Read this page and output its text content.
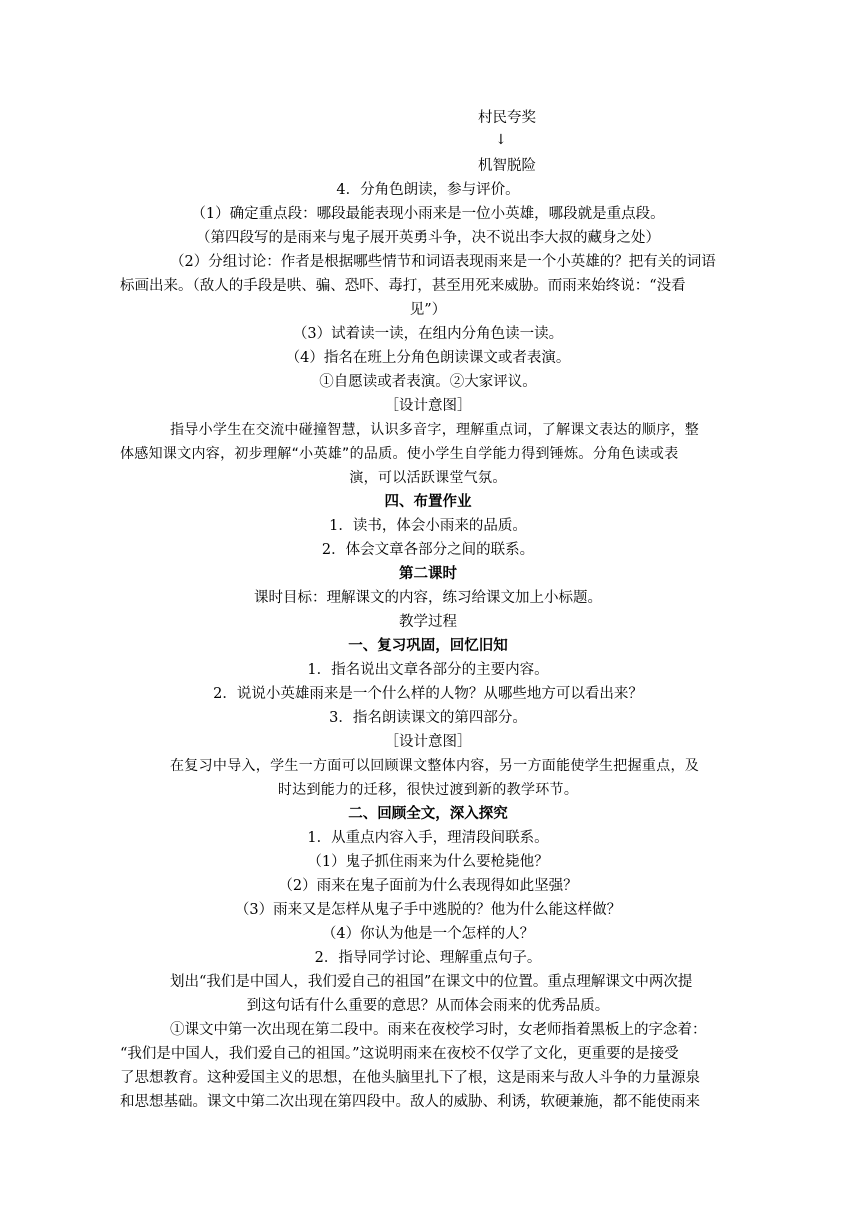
村民夸奖
↓
机智脱险
4．分角色朗读，参与评价。
（1）确定重点段：哪段最能表现小雨来是一位小英雄，哪段就是重点段。
（第四段写的是雨来与鬼子展开英勇斗争，决不说出李大叔的藏身之处）
（2）分组讨论：作者是根据哪些情节和词语表现雨来是一个小英雄的？把有关的词语
标画出来。（敌人的手段是哄、骗、恐吓、毒打，甚至用死来威胁。而雨来始终说：“没看
见”）
（3）试着读一读，在组内分角色读一读。
（4）指名在班上分角色朗读课文或者表演。
①自愿读或者表演。②大家评议。
［设计意图］
指导小学生在交流中碰撞智慧，认识多音字，理解重点词，了解课文表达的顺序，整
体感知课文内容，初步理解“小英雄”的品质。使小学生自学能力得到锤炼。分角色读或表
演，可以活跃课堂气氛。
四、布置作业
1．读书，体会小雨来的品质。
2．体会文章各部分之间的联系。
第二课时
课时目标：理解课文的内容，练习给课文加上小标题。
教学过程
一、复习巩固，回忆旧知
1．指名说出文章各部分的主要内容。
2．说说小英雄雨来是一个什么样的人物？从哪些地方可以看出来？
3．指名朗读课文的第四部分。
［设计意图］
在复习中导入，学生一方面可以回顾课文整体内容，另一方面能使学生把握重点，及
时达到能力的迁移，很快过渡到新的教学环节。
二、回顾全文，深入探究
1．从重点内容入手，理清段间联系。
（1）鬼子抓住雨来为什么要枪毙他？
（2）雨来在鬼子面前为什么表现得如此坚强？
（3）雨来又是怎样从鬼子手中逃脱的？他为什么能这样做？
（4）你认为他是一个怎样的人？
2．指导同学讨论、理解重点句子。
划出“我们是中国人，我们爱自己的祖国”在课文中的位置。重点理解课文中两次提
到这句话有什么重要的意思？从而体会雨来的优秀品质。
①课文中第一次出现在第二段中。雨来在夜校学习时，女老师指着黑板上的字念着：
“我们是中国人，我们爱自己的祖国。”这说明雨来在夜校不仅学了文化，更重要的是接受
了思想教育。这种爱国主义的思想，在他头脑里扎下了根，这是雨来与敌人斗争的力量源泉
和思想基础。课文中第二次出现在第四段中。敌人的威胁、利诱，软硬兼施，都不能使雨来
